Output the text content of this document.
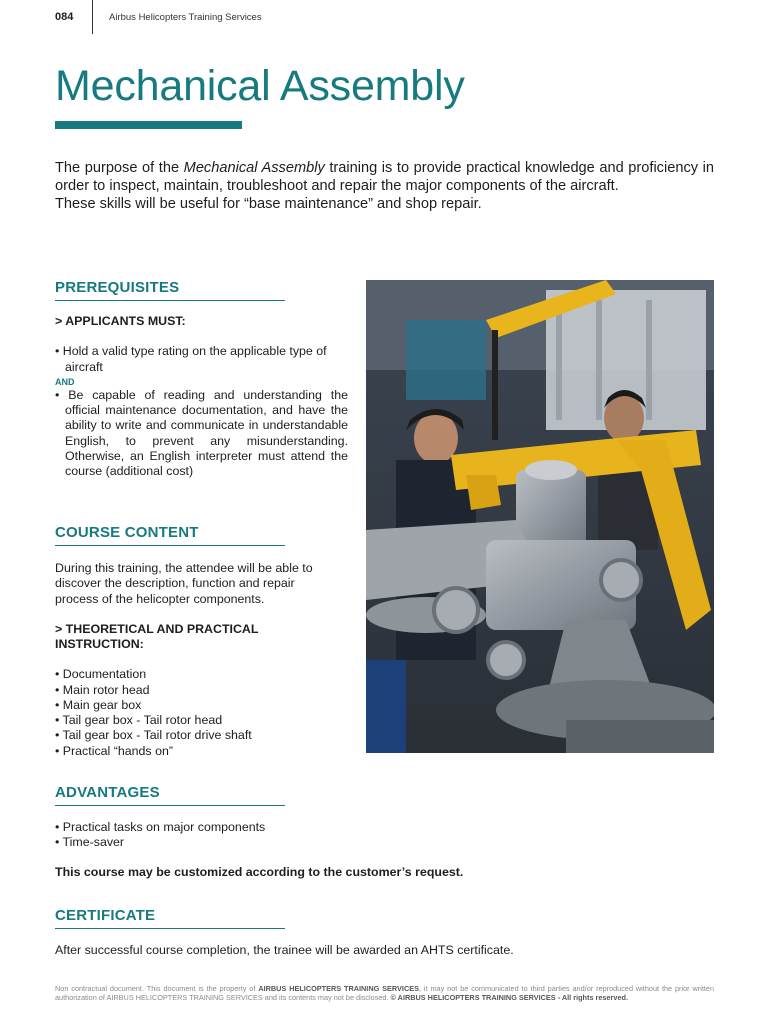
084	Airbus Helicopters Training Services
Mechanical Assembly

The purpose of the Mechanical Assembly training is to provide practical knowledge and proficiency in order to inspect, maintain, troubleshoot and repair the major components of the aircraft.

These skills will be useful for “base maintenance” and shop repair.

PREREQUISITES

> APPLICANTS MUST:

• Hold a valid type rating on the applicable type of aircraft

AND

• Be capable of reading and understanding the official maintenance documentation, and have the ability to write and communicate in understandable English, to prevent any misunderstanding. Otherwise, an English interpreter must attend the course (additional cost)

COURSE CONTENT

During this training, the attendee will be able to discover the description, function and repair process of the helicopter components.

> THEORETICAL AND PRACTICAL

INSTRUCTION:

• Documentation
• Main rotor head
• Main gear box
• Tail gear box - Tail rotor head
• Tail gear box - Tail rotor drive shaft
• Practical “hands on”
ADVANTAGES
• Practical tasks on major components
• Time-saver

This course may be customized according to the customer’s request.

CERTIFICATE

After successful course completion, the trainee will be awarded an AHTS certificate.

Non contractual document. This document is the property of AIRBUS HELICOPTERS TRAINING SERVICES, it may not be communicated to third parties and/or reproduced without the prior written authorization of AIRBUS HELICOPTERS TRAINING SERVICES and its contents may not be disclosed. © AIRBUS HELICOPTERS TRAINING SERVICES - All rights reserved.
